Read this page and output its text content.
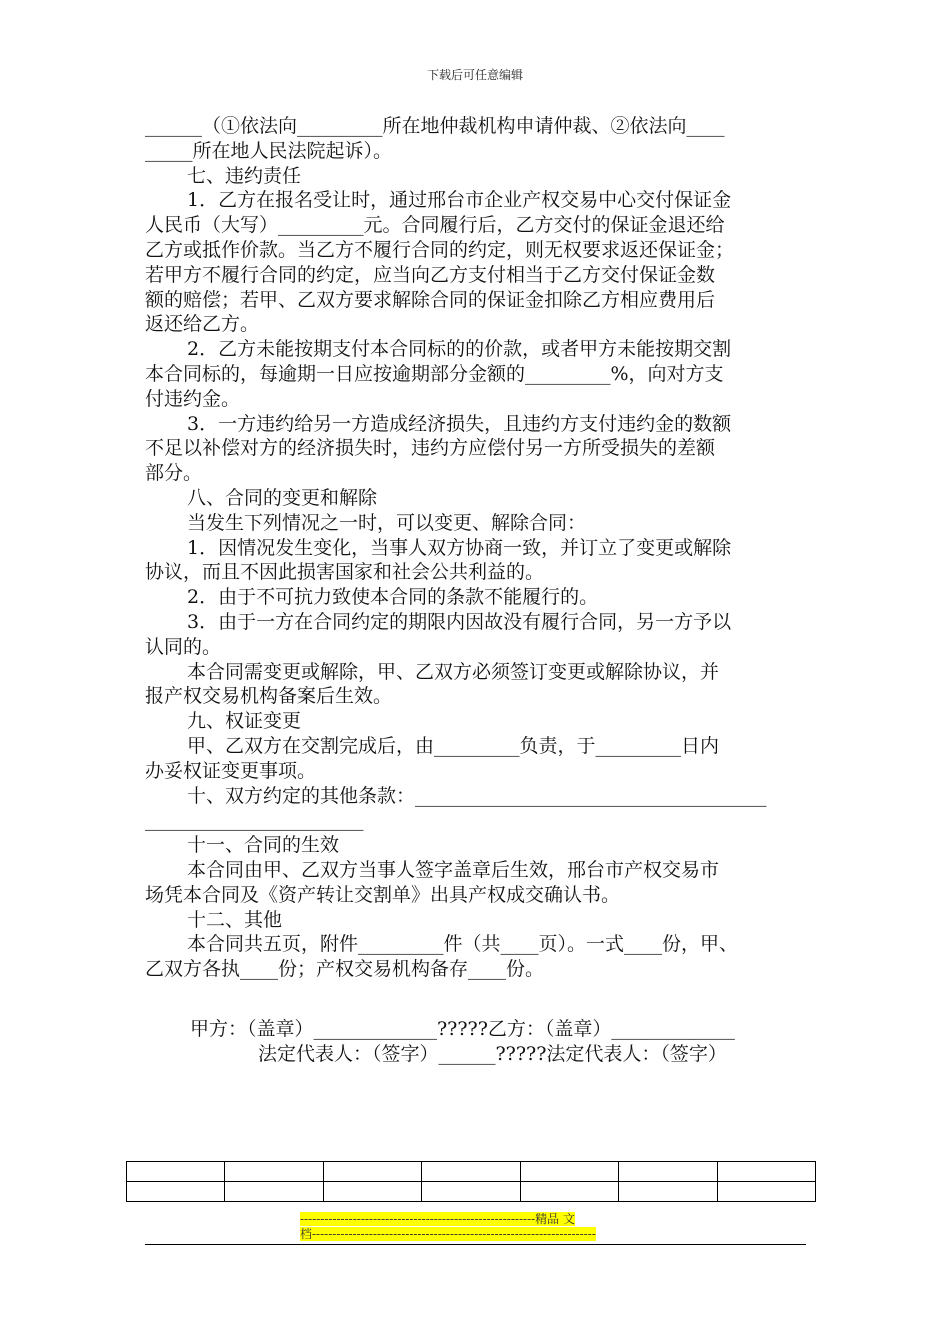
下载后可任意编辑

______（①依法向_________所在地仲裁机构申请仲裁、②依法向____

_____所在地人民法院起诉）。

七、违约责任

1．乙方在报名受让时，通过邢台市企业产权交易中心交付保证金

人民币（大写）_________元。合同履行后，乙方交付的保证金退还给

乙方或抵作价款。当乙方不履行合同的约定，则无权要求返还保证金；

若甲方不履行合同的约定，应当向乙方支付相当于乙方交付保证金数

额的赔偿；若甲、乙双方要求解除合同的保证金扣除乙方相应费用后

返还给乙方。

2．乙方未能按期支付本合同标的的价款，或者甲方未能按期交割

本合同标的，每逾期一日应按逾期部分金额的_________%，向对方支

付违约金。

3．一方违约给另一方造成经济损失，且违约方支付违约金的数额

不足以补偿对方的经济损失时，违约方应偿付另一方所受损失的差额

部分。

八、合同的变更和解除

当发生下列情况之一时，可以变更、解除合同：

1．因情况发生变化，当事人双方协商一致，并订立了变更或解除

协议，而且不因此损害国家和社会公共利益的。

2．由于不可抗力致使本合同的条款不能履行的。

3．由于一方在合同约定的期限内因故没有履行合同，另一方予以

认同的。

本合同需变更或解除，甲、乙双方必须签订变更或解除协议，并

报产权交易机构备案后生效。

九、权证变更

甲、乙双方在交割完成后，由_________负责，于_________日内

办妥权证变更事项。

十、双方约定的其他条款：_____________________________________

_______________________

十一、合同的生效

本合同由甲、乙双方当事人签字盖章后生效，邢台市产权交易市

场凭本合同及《资产转让交割单》出具产权成交确认书。

十二、其他

本合同共五页，附件_________件（共____页）。一式____份，甲、

乙双方各执____份；产权交易机构备存____份。

甲方：（盖章）_____________?????乙方：（盖章）_____________
法定代表人：（签字）______?????法定代表人：（签字）

----------------------------------------------------------精品 文
档----------------------------------------------------------------------
